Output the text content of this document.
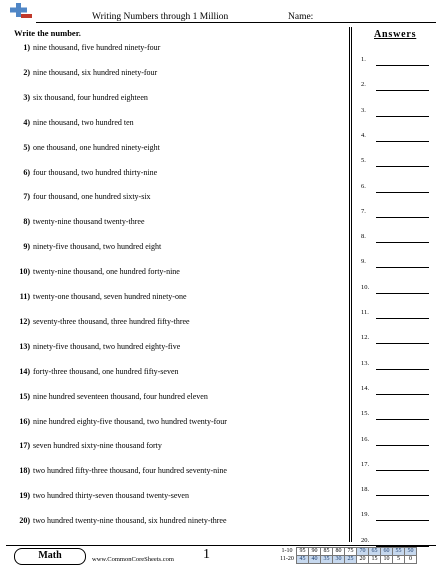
Writing Numbers through 1 Million	Name:
Write the number.
1) nine thousand, five hundred ninety-four
2) nine thousand, six hundred ninety-four
3) six thousand, four hundred eighteen
4) nine thousand, two hundred ten
5) one thousand, one hundred ninety-eight
6) four thousand, two hundred thirty-nine
7) four thousand, one hundred sixty-six
8) twenty-nine thousand twenty-three
9) ninety-five thousand, two hundred eight
10) twenty-nine thousand, one hundred forty-nine
11) twenty-one thousand, seven hundred ninety-one
12) seventy-three thousand, three hundred fifty-three
13) ninety-five thousand, two hundred eighty-five
14) forty-three thousand, one hundred fifty-seven
15) nine hundred seventeen thousand, four hundred eleven
16) nine hundred eighty-five thousand, two hundred twenty-four
17) seven hundred sixty-nine thousand forty
18) two hundred fifty-three thousand, four hundred seventy-nine
19) two hundred thirty-seven thousand twenty-seven
20) two hundred twenty-nine thousand, six hundred ninety-three
Answers
1.
2.
3.
4.
5.
6.
7.
8.
9.
10.
11.
12.
13.
14.
15.
16.
17.
18.
19.
20.
Math	www.CommonCoreSheets.com 1	1-10	95	90	85	80	75	70	65	60	55	50
11-20	45	40	35	30	25	20	15	10	5	0
